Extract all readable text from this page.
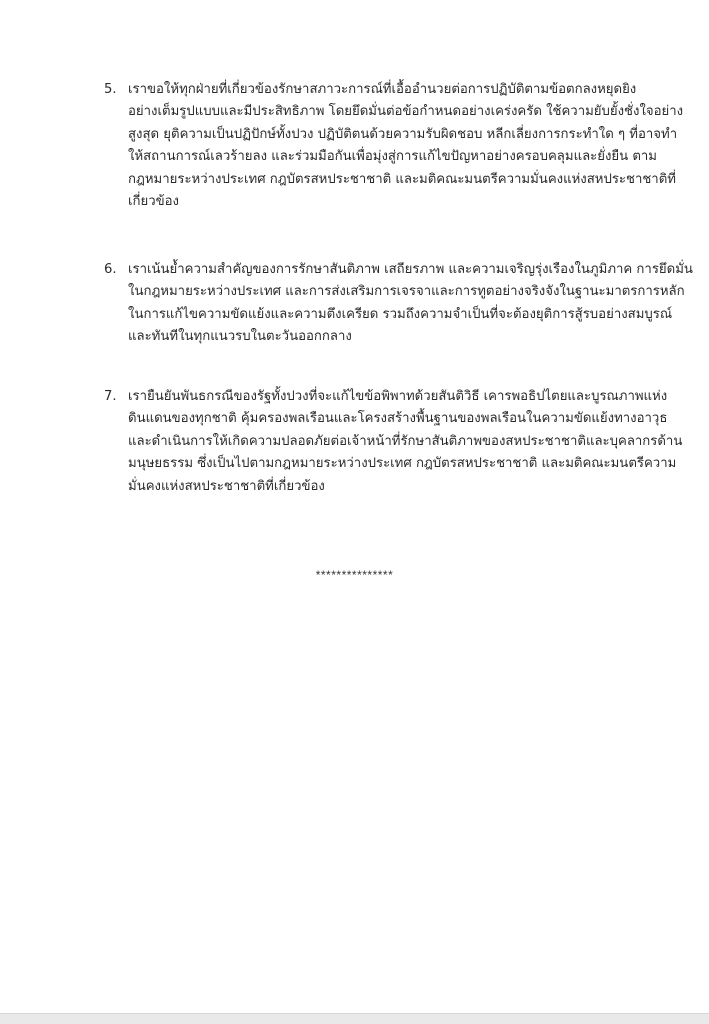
5. เราขอให้ทุกฝ่ายที่เกี่ยวข้องรักษาสภาวะการณ์ที่เอื้ออำนวยต่อการปฏิบัติตามข้อตกลงหยุดยิง
อย่างเต็มรูปแบบและมีประสิทธิภาพ โดยยึดมั่นต่อข้อกำหนดอย่างเคร่งครัด ใช้ความยับยั้งชั่งใจอย่าง
สูงสุด ยุติความเป็นปฏิปักษ์ทั้งปวง ปฏิบัติตนด้วยความรับผิดชอบ หลีกเลี่ยงการกระทำใด ๆ ที่อาจทำ
ให้สถานการณ์เลวร้ายลง และร่วมมือกันเพื่อมุ่งสู่การแก้ไขปัญหาอย่างครอบคลุมและยั่งยืน ตาม
กฎหมายระหว่างประเทศ กฎบัตรสหประชาชาติ และมติคณะมนตรีความมั่นคงแห่งสหประชาชาติที่
เกี่ยวข้อง
6. เราเน้นย้ำความสำคัญของการรักษาสันติภาพ เสถียรภาพ และความเจริญรุ่งเรืองในภูมิภาค การยึดมั่น
ในกฎหมายระหว่างประเทศ และการส่งเสริมการเจรจาและการทูตอย่างจริงจังในฐานะมาตรการหลัก
ในการแก้ไขความขัดแย้งและความตึงเครียด รวมถึงความจำเป็นที่จะต้องยุติการสู้รบอย่างสมบูรณ์
และทันทีในทุกแนวรบในตะวันออกกลาง
7. เรายืนยันพันธกรณีของรัฐทั้งปวงที่จะแก้ไขข้อพิพาทด้วยสันติวิธี เคารพอธิปไตยและบูรณภาพแห่ง
ดินแดนของทุกชาติ คุ้มครองพลเรือนและโครงสร้างพื้นฐานของพลเรือนในความขัดแย้งทางอาวุธ
และดำเนินการให้เกิดความปลอดภัยต่อเจ้าหน้าที่รักษาสันติภาพของสหประชาชาติและบุคลากรด้าน
มนุษยธรรม ซึ่งเป็นไปตามกฎหมายระหว่างประเทศ กฎบัตรสหประชาชาติ และมติคณะมนตรีความ
มั่นคงแห่งสหประชาชาติที่เกี่ยวข้อง
***************
